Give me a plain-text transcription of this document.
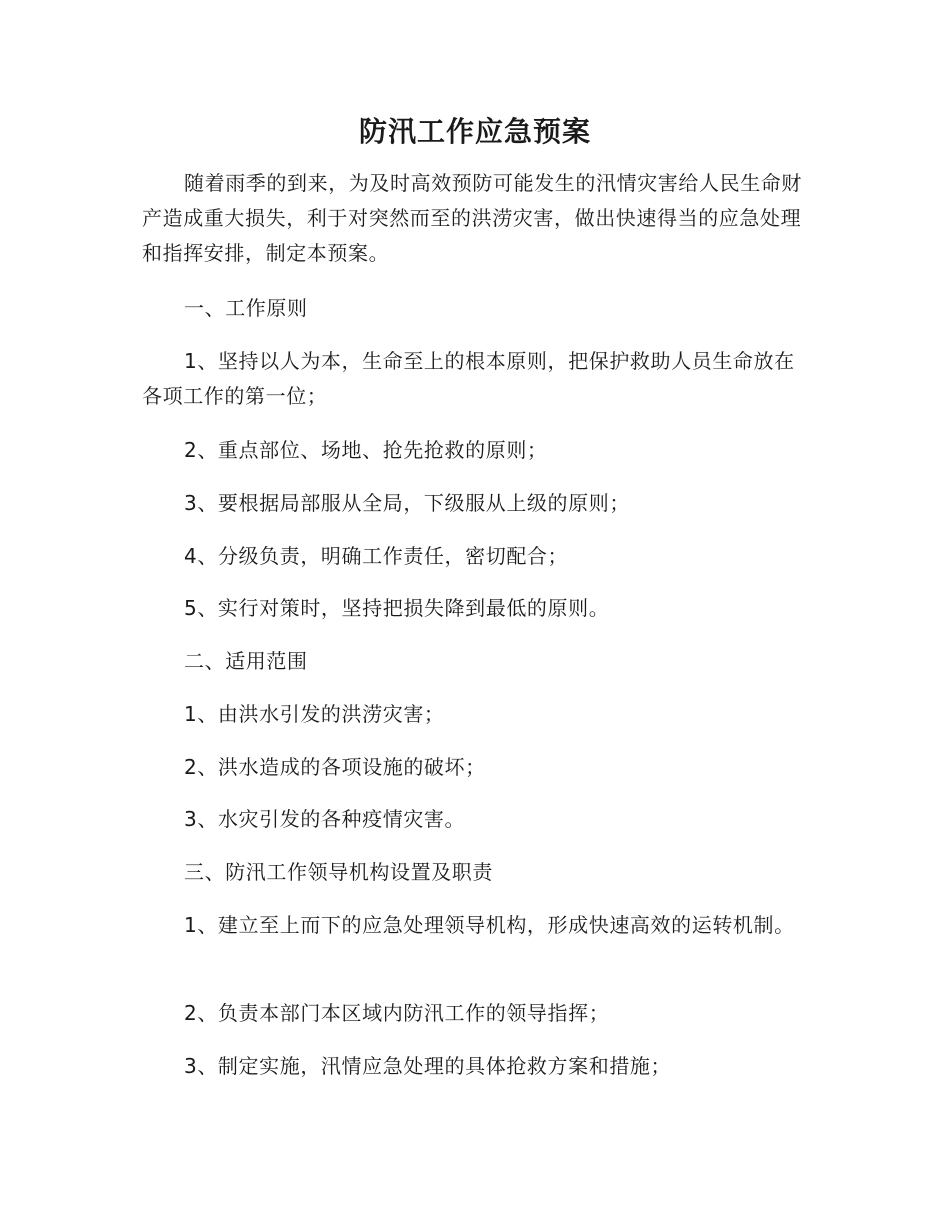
防汛工作应急预案

随着雨季的到来，为及时高效预防可能发生的汛情灾害给人民生命财产造成重大损失，利于对突然而至的洪涝灾害，做出快速得当的应急处理和指挥安排，制定本预案。

一、工作原则

1、坚持以人为本，生命至上的根本原则，把保护救助人员生命放在各项工作的第一位；

2、重点部位、场地、抢先抢救的原则；

3、要根据局部服从全局，下级服从上级的原则；

4、分级负责，明确工作责任，密切配合；

5、实行对策时，坚持把损失降到最低的原则。

二、适用范围

1、由洪水引发的洪涝灾害；

2、洪水造成的各项设施的破坏；

3、水灾引发的各种疫情灾害。

三、防汛工作领导机构设置及职责

1、建立至上而下的应急处理领导机构，形成快速高效的运转机制。

2、负责本部门本区域内防汛工作的领导指挥；

3、制定实施，汛情应急处理的具体抢救方案和措施；
